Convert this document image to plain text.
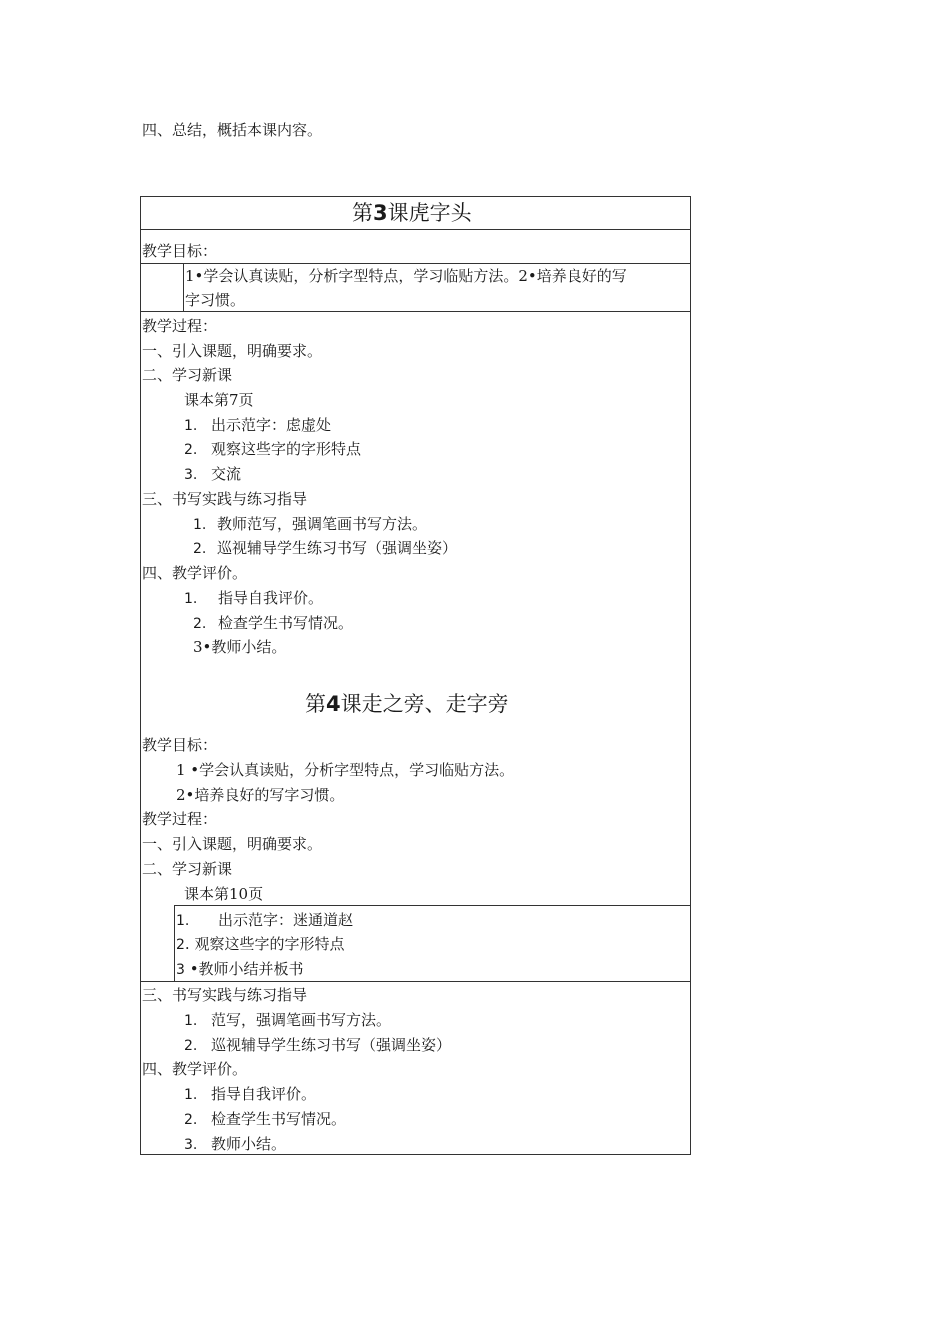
四、总结，概括本课内容。
第3课虎字头
教学目标：
1•学会认真读贴，分析字型特点，学习临贴方法。2•培养良好的写
字习惯。
教学过程：
一、引入课题，明确要求。
二、学习新课
课本第7页
1. 出示范字：虑虚处
2. 观察这些字的字形特点
3. 交流
三、书写实践与练习指导
1. 教师范写，强调笔画书写方法。
2. 巡视辅导学生练习书写（强调坐姿）
四、教学评价。
1. 指导自我评价。
2. 检查学生书写情况。
3•教师小结。
第4课走之旁、走字旁
教学目标：
1 •学会认真读贴，分析字型特点，学习临贴方法。
2•培养良好的写字习惯。
教学过程：
一、引入课题，明确要求。
二、学习新课
课本第10页
1. 出示范字：迷通道赵
2. 观察这些字的字形特点
3 •教师小结并板书
三、书写实践与练习指导
1. 范写，强调笔画书写方法。
2. 巡视辅导学生练习书写（强调坐姿）
四、教学评价。
1. 指导自我评价。
2. 检查学生书写情况。
3. 教师小结。
